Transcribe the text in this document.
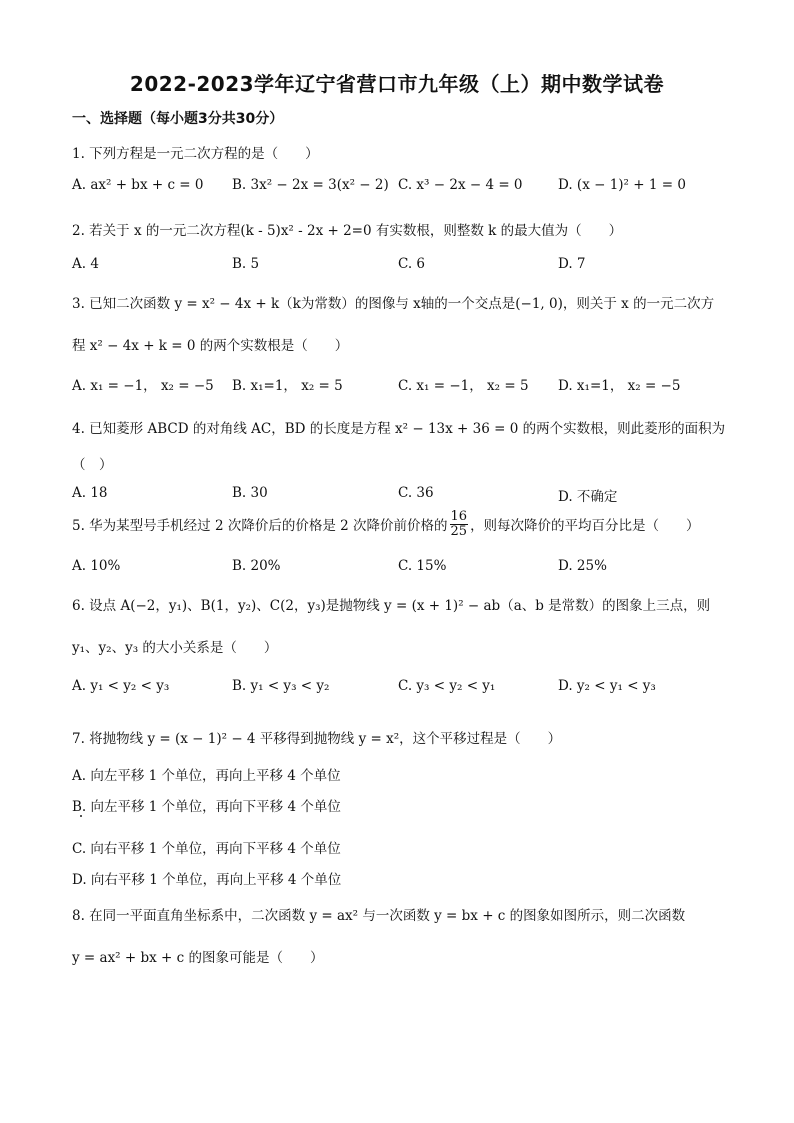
2022-2023学年辽宁省营口市九年级（上）期中数学试卷
一、选择题（每小题3分共30分）
1. 下列方程是一元二次方程的是（　　）
A. ax² + bx + c = 0 B. 3x² − 2x = 3(x² − 2) C. x³ − 2x − 4 = 0	D. (x − 1)² + 1 = 0
2. 若关于 x 的一元二次方程(k - 5)x² - 2x + 2=0 有实数根，则整数 k 的最大值为（　　）
A. 4	B. 5	C. 6	D. 7
3. 已知二次函数 y = x² − 4x + k（k为常数）的图像与 x轴的一个交点是(−1, 0)，则关于 x 的一元二次方
程 x² − 4x + k = 0 的两个实数根是（　　）
A. x₁ = −1， x₂ = −5 B. x₁=1， x₂ = 5	C. x₁ = −1， x₂ = 5 D. x₁=1， x₂ = −5
4. 已知菱形 ABCD 的对角线 AC，BD 的长度是方程 x² − 13x + 36 = 0 的两个实数根，则此菱形的面积为
（　）
A. 18	B. 30	C. 36	D. 不确定
5. 华为某型号手机经过 2 次降价后的价格是 2 次降价前价格的 $\frac{16}{25}$ ，则每次降价的平均百分比是（　　）
A. 10%	B. 20%	C. 15%	D. 25%
6. 设点 A(−2，y₁)、B(1，y₂)、C(2，y₃)是抛物线 y = (x + 1)² − ab（a、b 是常数）的图象上三点，则
y₁、y₂、y₃ 的大小关系是（　　）
A. y₁ < y₂ < y₃	B. y₁ < y₃ < y₂	C. y₃ < y₂ < y₁	D. y₂ < y₁ < y₃
7. 将抛物线 y = (x − 1)² − 4 平移得到抛物线 y = x²，这个平移过程是（　　）
A. 向左平移 1 个单位，再向上平移 4 个单位
B. 向左平移 1 个单位，再向下平移 4 个单位
C. 向右平移 1 个单位，再向下平移 4 个单位
D. 向右平移 1 个单位，再向上平移 4 个单位
8. 在同一平面直角坐标系中，二次函数 y = ax² 与一次函数 y = bx + c 的图象如图所示，则二次函数
y = ax² + bx + c 的图象可能是（　　）
